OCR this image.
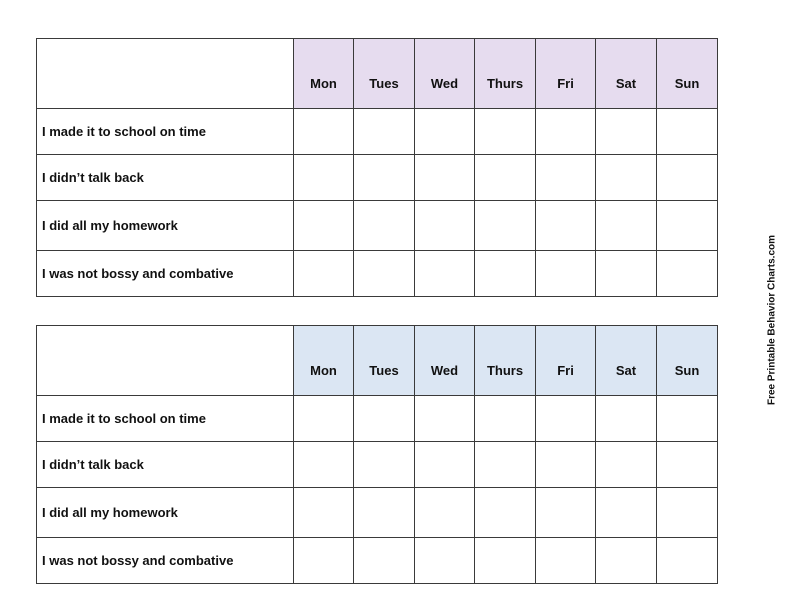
	Mon	Tues	Wed	Thurs	Fri	Sat	Sun
I made it to school on time							
I didn’t talk back							
I did all my homework							
I was not bossy and combative							
	Mon	Tues	Wed	Thurs	Fri	Sat	Sun
I made it to school on time							
I didn’t talk back							
I did all my homework							
I was not bossy and combative							
Free Printable Behavior Charts.com
